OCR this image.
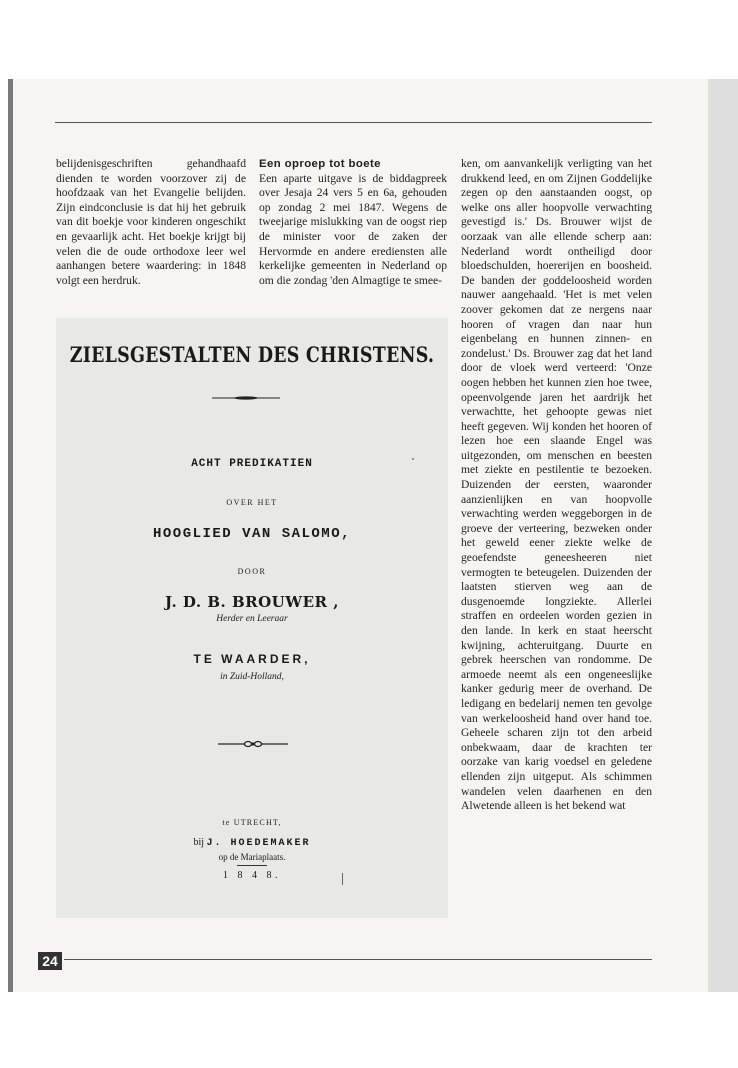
belijdenisgeschriften gehandhaafd dienden te worden voorzover zij de hoofdzaak van het Evangelie belijden. Zijn eindconclusie is dat hij het gebruik van dit boekje voor kinderen ongeschikt en gevaarlijk acht. Het boekje krijgt bij velen die de oude orthodoxe leer wel aanhangen betere waardering: in 1848 volgt een herdruk.

Een oproep tot boete

Een aparte uitgave is de biddagpreek over Jesaja 24 vers 5 en 6a, gehouden op zondag 2 mei 1847. Wegens de tweejarige mislukking van de oogst riep de minister voor de zaken der Hervormde en andere erediensten alle kerkelijke gemeenten in Nederland op om die zondag 'den Almagtige te smee-

ken, om aanvankelijk verligting van het drukkend leed, en om Zijnen Goddelijke zegen op den aanstaanden oogst, op welke ons aller hoopvolle verwachting gevestigd is.' Ds. Brouwer wijst de oorzaak van alle ellende scherp aan: Nederland wordt ontheiligd door bloedschulden, hoererijen en boosheid. De banden der goddeloosheid worden nauwer aangehaald. 'Het is met velen zoover gekomen dat ze nergens naar hooren of vragen dan naar hun eigenbelang en hunnen zinnen- en zondelust.' Ds. Brouwer zag dat het land door de vloek werd verteerd: 'Onze oogen hebben het kunnen zien hoe twee, opeenvolgende jaren het aardrijk het verwachtte, het gehoopte gewas niet heeft gegeven. Wij konden het hooren of lezen hoe een slaande Engel was uitgezonden, om menschen en beesten met ziekte en pestilentie te bezoeken. Duizenden der eersten, waaronder aanzienlijken en van hoopvolle verwachting werden weggeborgen in de groeve der verteering, bezweken onder het geweld eener ziekte welke de geoefendste geneesheeren niet vermogten te beteugelen. Duizenden der laatsten stierven weg aan de dusgenoemde longziekte. Allerlei straffen en ordeelen worden gezien in den lande. In kerk en staat heerscht kwijning, achteruitgang. Duurte en gebrek heerschen van rondomme. De armoede neemt als een ongeneeslijke kanker gedurig meer de overhand. De ledigang en bedelarij nemen ten gevolge van werkeloosheid hand over hand toe. Geheele scharen zijn tot den arbeid onbekwaam, daar de krachten ter oorzake van karig voedsel en geledene ellenden zijn uitgeput. Als schimmen wandelen velen daarhenen en den Alwetende alleen is het bekend wat

ZIELSGESTALTEN DES CHRISTENS.
ACHT PREDIKATIEN
OVER HET
HOOGLIED VAN SALOMO,
DOOR
J. D. B. BROUWER ,
Herder en Leeraar
TE WAARDER,
in Zuid-Holland,
te UTRECHT,
bij J. HOEDEMAKER
op de Mariaplaats.
1 8 4 8.
24
